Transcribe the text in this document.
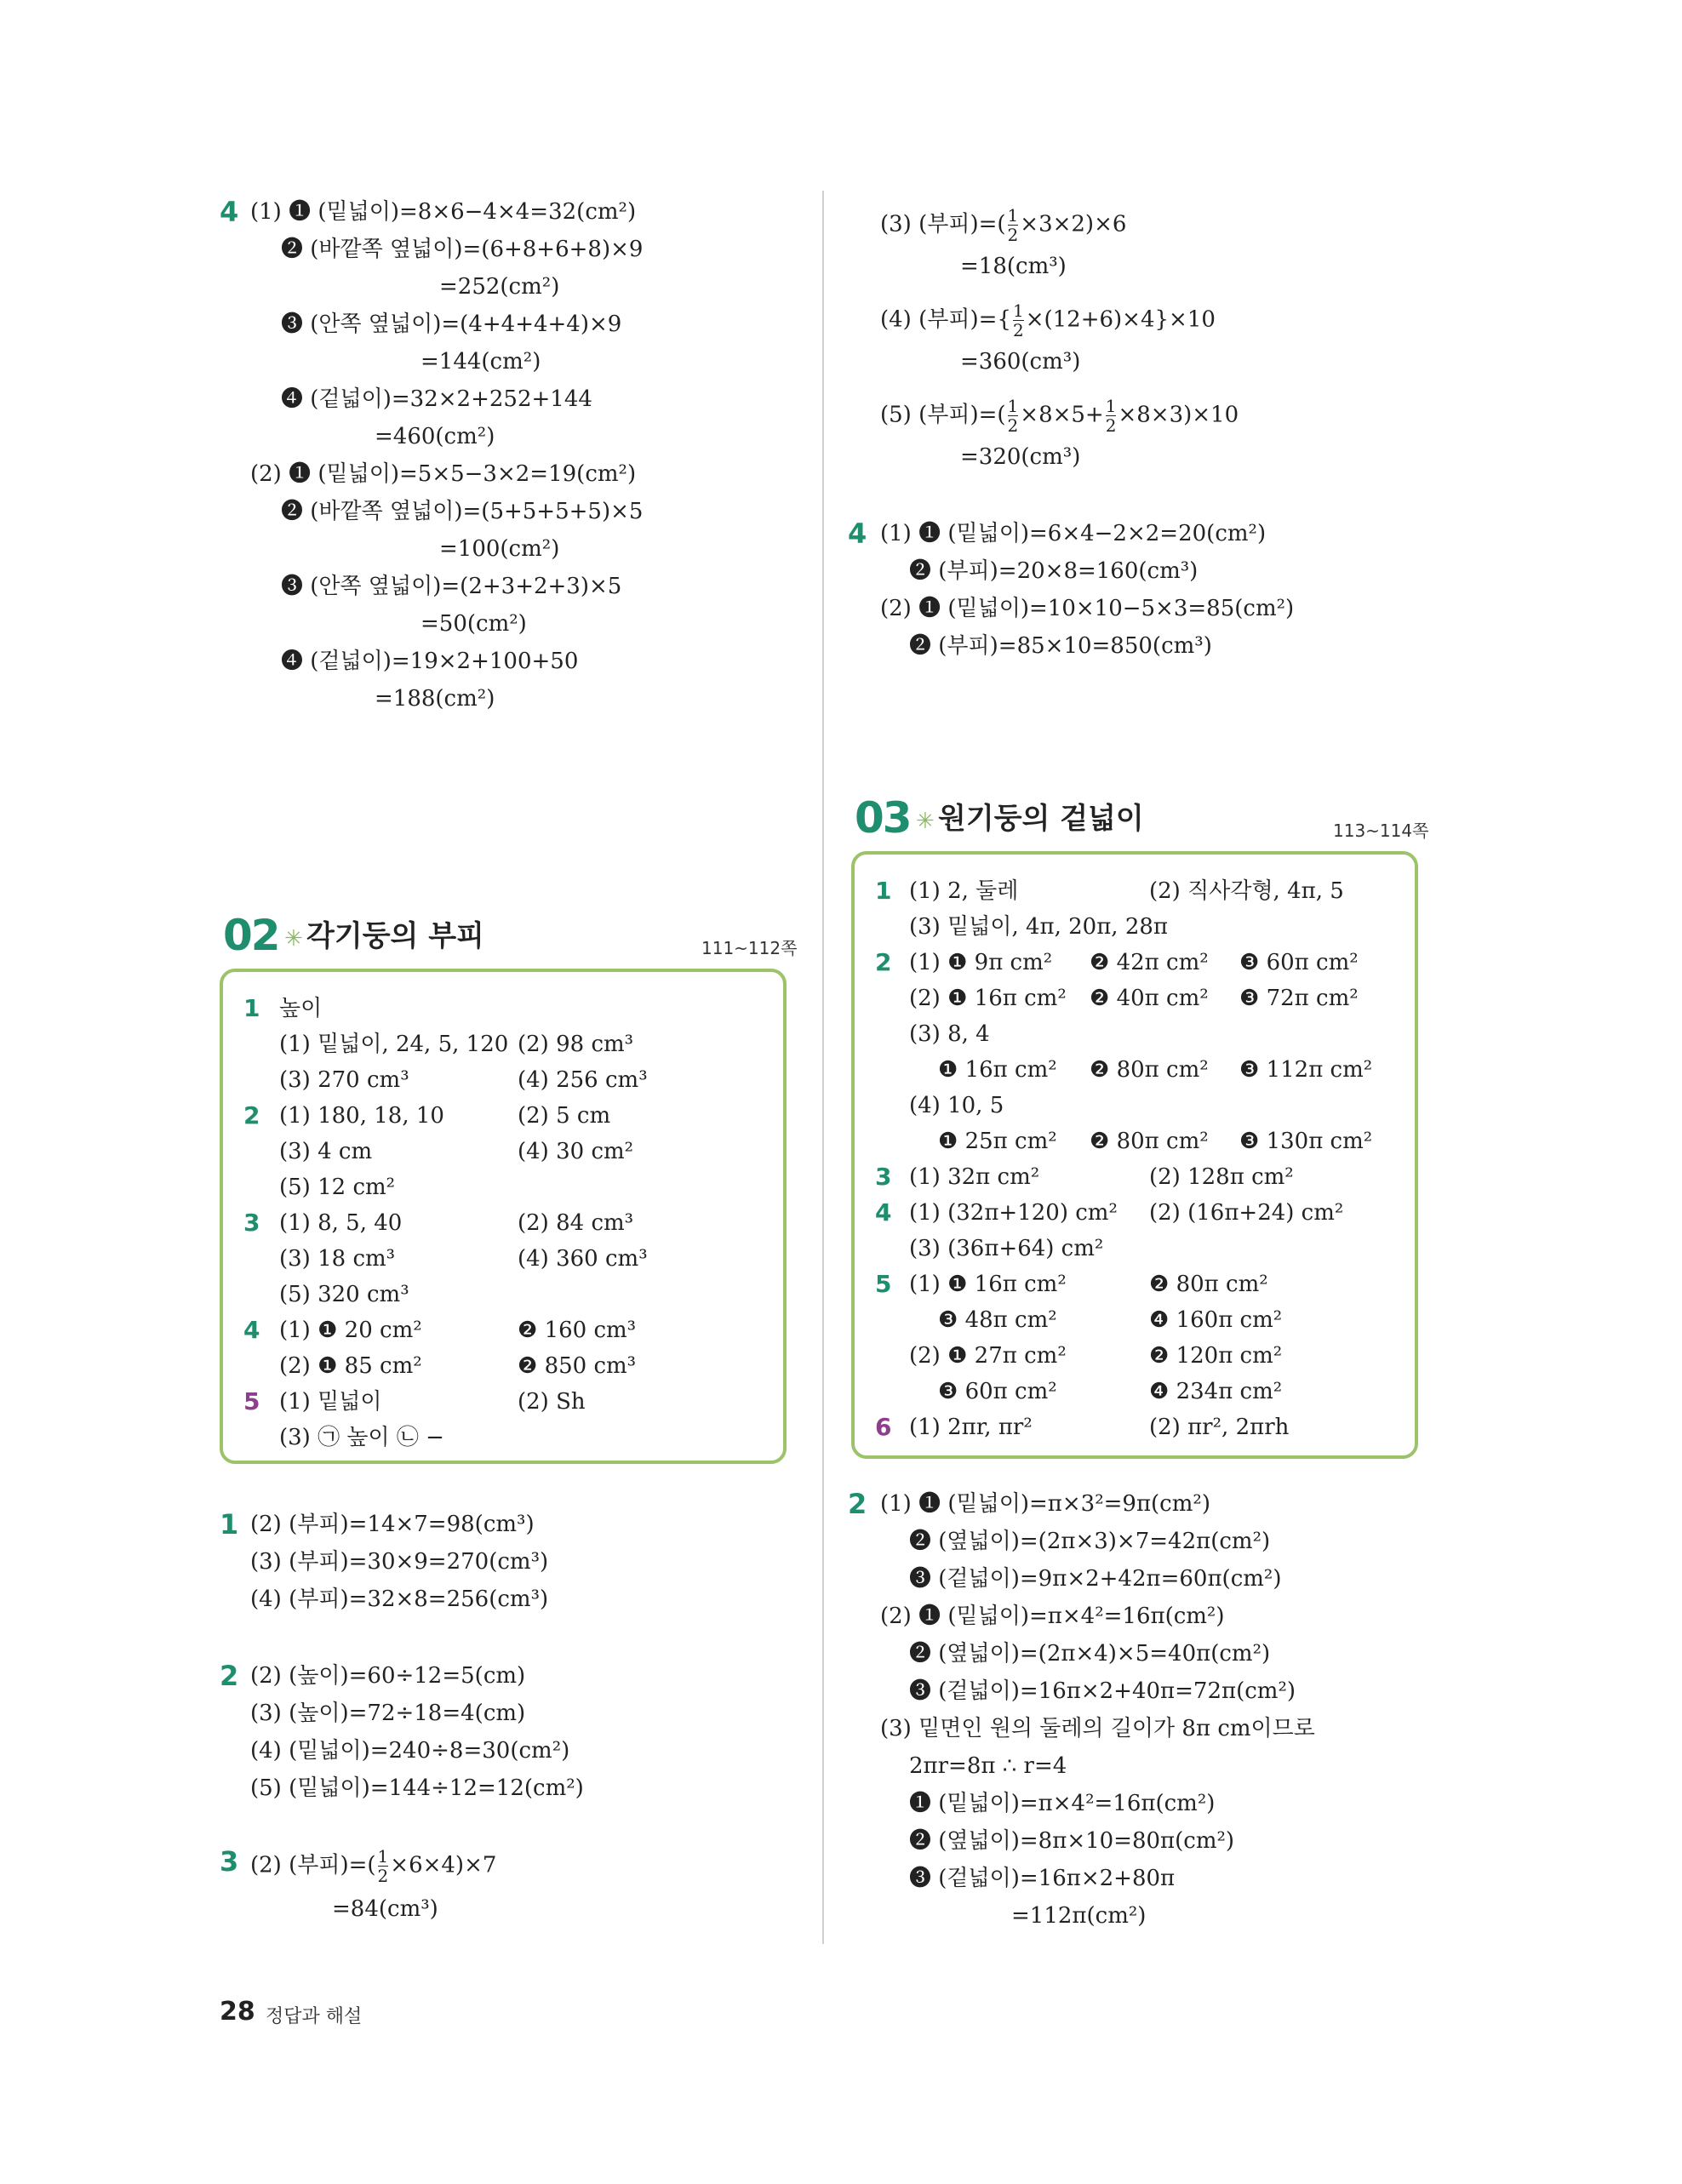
4 (1) ❶ (밑넓이)=8×6−4×4=32(cm²)
❷ (바깥쪽 옆넓이)=(6+8+6+8)×9
=252(cm²)
❸ (안쪽 옆넓이)=(4+4+4+4)×9
=144(cm²)
❹ (겉넓이)=32×2+252+144
=460(cm²)
(2) ❶ (밑넓이)=5×5−3×2=19(cm²)
❷ (바깥쪽 옆넓이)=(5+5+5+5)×5
=100(cm²)
❸ (안쪽 옆넓이)=(2+3+2+3)×5
=50(cm²)
❹ (겉넓이)=19×2+100+50
=188(cm²)
02 ✳ 각기둥의 부피	111~112쪽
1 높이
(1) 밑넓이, 24, 5, 120 (2) 98 cm³
(3) 270 cm³	(4) 256 cm³
2 (1) 180, 18, 10	(2) 5 cm
(3) 4 cm	(4) 30 cm²
(5) 12 cm²
3 (1) 8, 5, 40	(2) 84 cm³
(3) 18 cm³	(4) 360 cm³
(5) 320 cm³
4 (1) ❶ 20 cm²	❷ 160 cm³
(2) ❶ 85 cm²	❷ 850 cm³
5 (1) 밑넓이	(2) Sh
(3) ㉠ 높이 ㉡ −
1 (2) (부피)=14×7=98(cm³)
(3) (부피)=30×9=270(cm³)
(4) (부피)=32×8=256(cm³)
2 (2) (높이)=60÷12=5(cm)
(3) (높이)=72÷18=4(cm)
(4) (밑넓이)=240÷8=30(cm²)
(5) (밑넓이)=144÷12=12(cm²)
3 (2) (부피)=( $\frac{1}{2} \times 6\times 4)\times 7$
=84(cm³)
(3) (부피)=( $\frac{1}{2} \times 3\times 2)\times 6$
=18(cm³)
(4) (부피)={ $\frac{1}{2} \times(12+6)\times 4\}\times 10$
=360(cm³)
(5) (부피)=( $\frac{1}{2} \times 8\times 5+ \frac{1}{2} \times 8\times 3)\times 10$
=320(cm³)
4 (1) ❶ (밑넓이)=6×4−2×2=20(cm²)
❷ (부피)=20×8=160(cm³)
(2) ❶ (밑넓이)=10×10−5×3=85(cm²)
❷ (부피)=85×10=850(cm³)
03 ✳ 원기둥의 겉넓이	113~114쪽
1 (1) 2, 둘레	(2) 직사각형, 4π, 5
(3) 밑넓이, 4π, 20π, 28π
2 (1) ❶ 9π cm² ❷ 42π cm² ❸ 60π cm²
(2) ❶ 16π cm² ❷ 40π cm² ❸ 72π cm²
(3) 8, 4
❶ 16π cm² ❷ 80π cm² ❸ 112π cm²
(4) 10, 5
❶ 25π cm² ❷ 80π cm² ❸ 130π cm²
3 (1) 32π cm²	(2) 128π cm²
4 (1) (32π+120) cm² (2) (16π+24) cm²
(3) (36π+64) cm²
5 (1) ❶ 16π cm²	❷ 80π cm²
❸ 48π cm²	❹ 160π cm²
(2) ❶ 27π cm²	❷ 120π cm²
❸ 60π cm²	❹ 234π cm²
6 (1) 2πr, πr²	(2) πr², 2πrh
2 (1) ❶ (밑넓이)=π×3²=9π(cm²)
❷ (옆넓이)=(2π×3)×7=42π(cm²)
❸ (겉넓이)=9π×2+42π=60π(cm²)
(2) ❶ (밑넓이)=π×4²=16π(cm²)
❷ (옆넓이)=(2π×4)×5=40π(cm²)
❸ (겉넓이)=16π×2+40π=72π(cm²)
(3) 밑면인 원의 둘레의 길이가 8π cm이므로
2πr=8π ∴ r=4
❶ (밑넓이)=π×4²=16π(cm²)
❷ (옆넓이)=8π×10=80π(cm²)
❸ (겉넓이)=16π×2+80π
=112π(cm²)
28 정답과 해설
